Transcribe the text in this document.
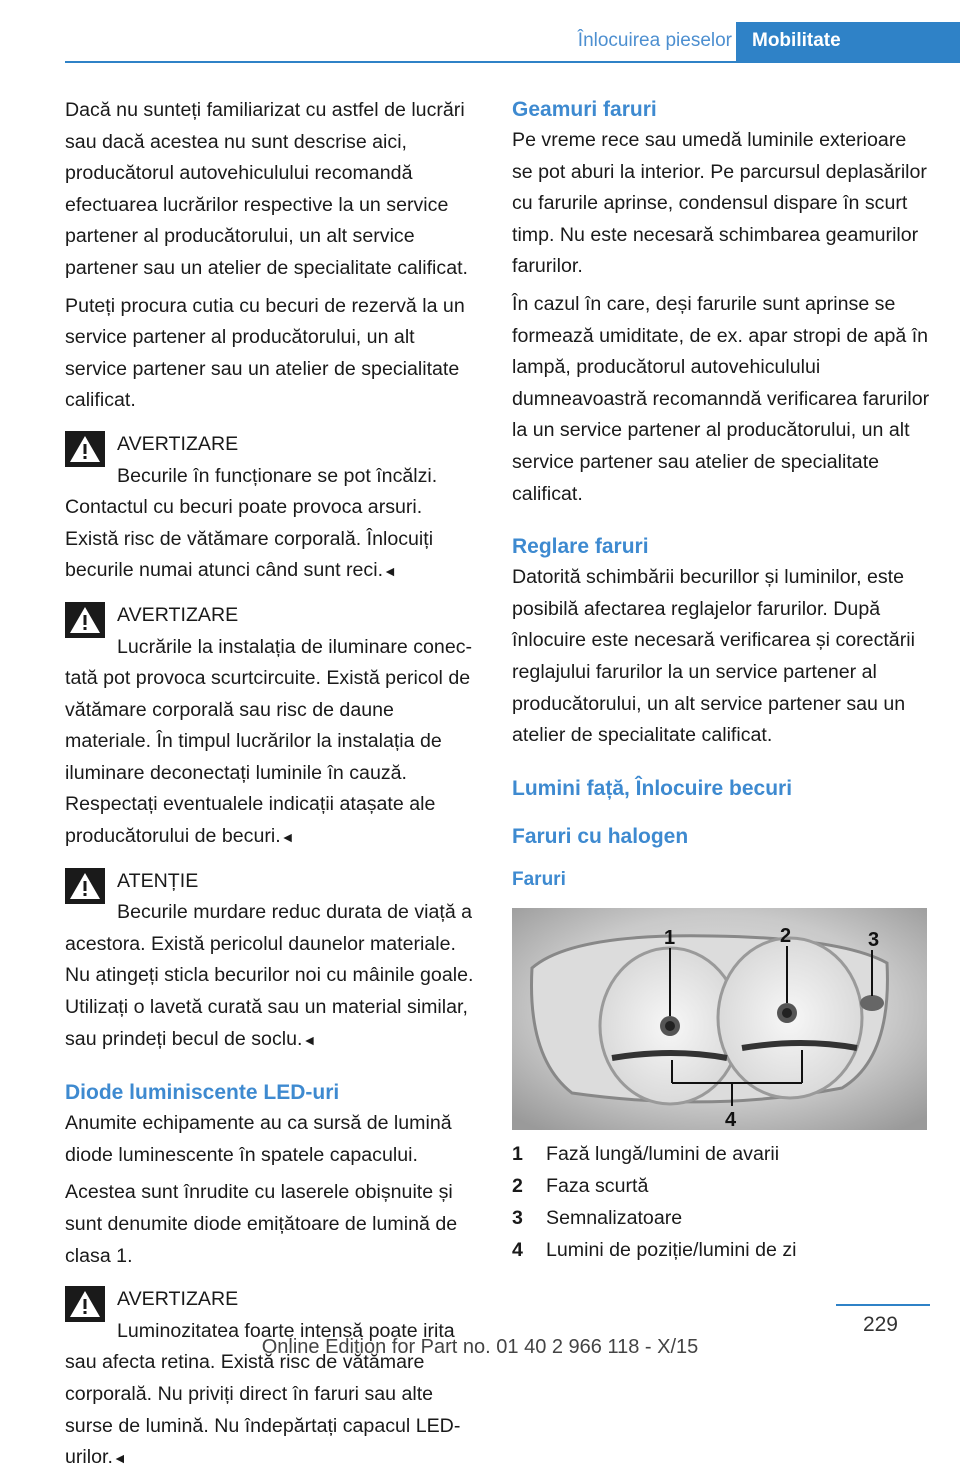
Înlocuirea pieselor	Mobilitate

Dacă nu sunteți familiarizat cu astfel de lucrări sau dacă acestea nu sunt descrise aici, producătorul autovehiculului recomandă efectuarea lucrărilor respective la un service partener al producătorului, un alt service partener sau un atelier de specialitate calificat.

Puteți procura cutia cu becuri de rezervă la un service partener al producătorului, un alt service partener sau un atelier de specialitate calificat.

AVERTIZARE
Becurile în funcționare se pot încălzi.
Contactul cu becuri poate provoca arsuri. Există risc de vătămare corporală. Înlocuiți becurile numai atunci când sunt reci.◄
AVERTIZARE
Lucrările la instalația de iluminare conec-
tată pot provoca scurtcircuite. Există pericol de vătămare corporală sau risc de daune materiale. În timpul lucrărilor la instalația de iluminare deconectați luminile în cauză. Respectați eventualele indicații atașate ale producătorului de becuri.◄
ATENȚIE
Becurile murdare reduc durata de viață a
acestora. Există pericolul daunelor materiale. Nu atingeți sticla becurilor noi cu mâinile goale. Utilizați o lavetă curată sau un material similar, sau prindeți becul de soclu.◄
Diode luminiscente LED-uri

Anumite echipamente au ca sursă de lumină diode luminescente în spatele capacului.

Acestea sunt înrudite cu laserele obișnuite și sunt denumite diode emițătoare de lumină de clasa 1.

AVERTIZARE
Luminozitatea foarte intensă poate irita
sau afecta retina. Există risc de vătămare corporală. Nu priviți direct în faruri sau alte surse de lumină. Nu îndepărtați capacul LED-urilor.◄
Geamuri faruri

Pe vreme rece sau umedă luminile exterioare se pot aburi la interior. Pe parcursul deplasărilor cu farurile aprinse, condensul dispare în scurt timp. Nu este necesară schimbarea geamurilor farurilor.

În cazul în care, deși farurile sunt aprinse se formează umiditate, de ex. apar stropi de apă în lampă, producătorul autovehiculului dumneavoastră recomanndă verificarea farurilor la un service partener al producătorului, un alt service partener sau atelier de specialitate calificat.

Reglare faruri

Datorită schimbării becurillor și luminilor, este posibilă afectarea reglajelor farurilor. După înlocuire este necesară verificarea și corectării reglajului farurilor la un service partener al producătorului, un alt service partener sau un atelier de specialitate calificat.

Lumini față, Înlocuire becuri
Faruri cu halogen
Faruri
1	2	3
4
1	Fază lungă/lumini de avarii
2	Faza scurtă
3	Semnalizatoare
4	Lumini de poziție/lumini de zi
229
Online Edition for Part no. 01 40 2 966 118 - X/15
